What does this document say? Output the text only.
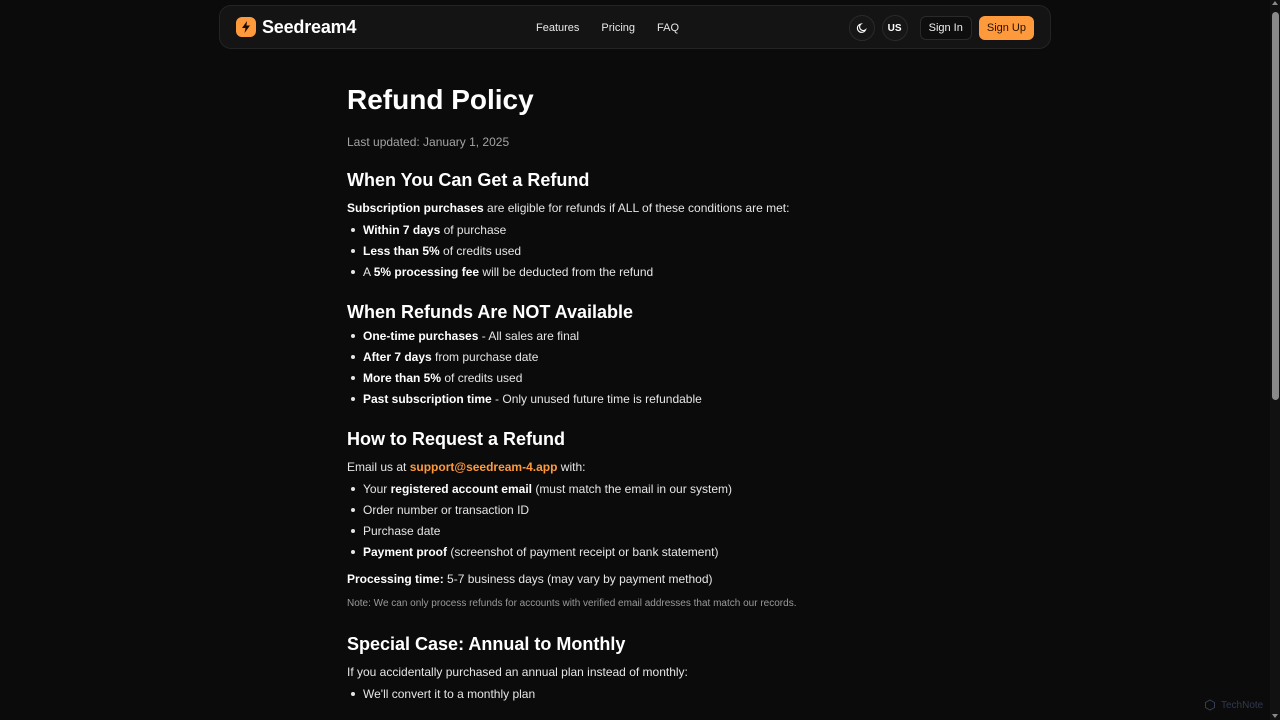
Seedream4	Features Pricing FAQ	US	Sign In	Sign Up
Refund Policy

Last updated: January 1, 2025

When You Can Get a Refund

Subscription purchases are eligible for refunds if ALL of these conditions are met:

Within 7 days of purchase
Less than 5% of credits used
A 5% processing fee will be deducted from the refund
When Refunds Are NOT Available
One-time purchases - All sales are final
After 7 days from purchase date
More than 5% of credits used
Past subscription time - Only unused future time is refundable
How to Request a Refund

Email us at support@seedream-4.app with:

Your registered account email (must match the email in our system)
Order number or transaction ID
Purchase date
Payment proof (screenshot of payment receipt or bank statement)

Processing time: 5-7 business days (may vary by payment method)

Note: We can only process refunds for accounts with verified email addresses that match our records.

Special Case: Annual to Monthly

If you accidentally purchased an annual plan instead of monthly:

We'll convert it to a monthly plan
TechNote
